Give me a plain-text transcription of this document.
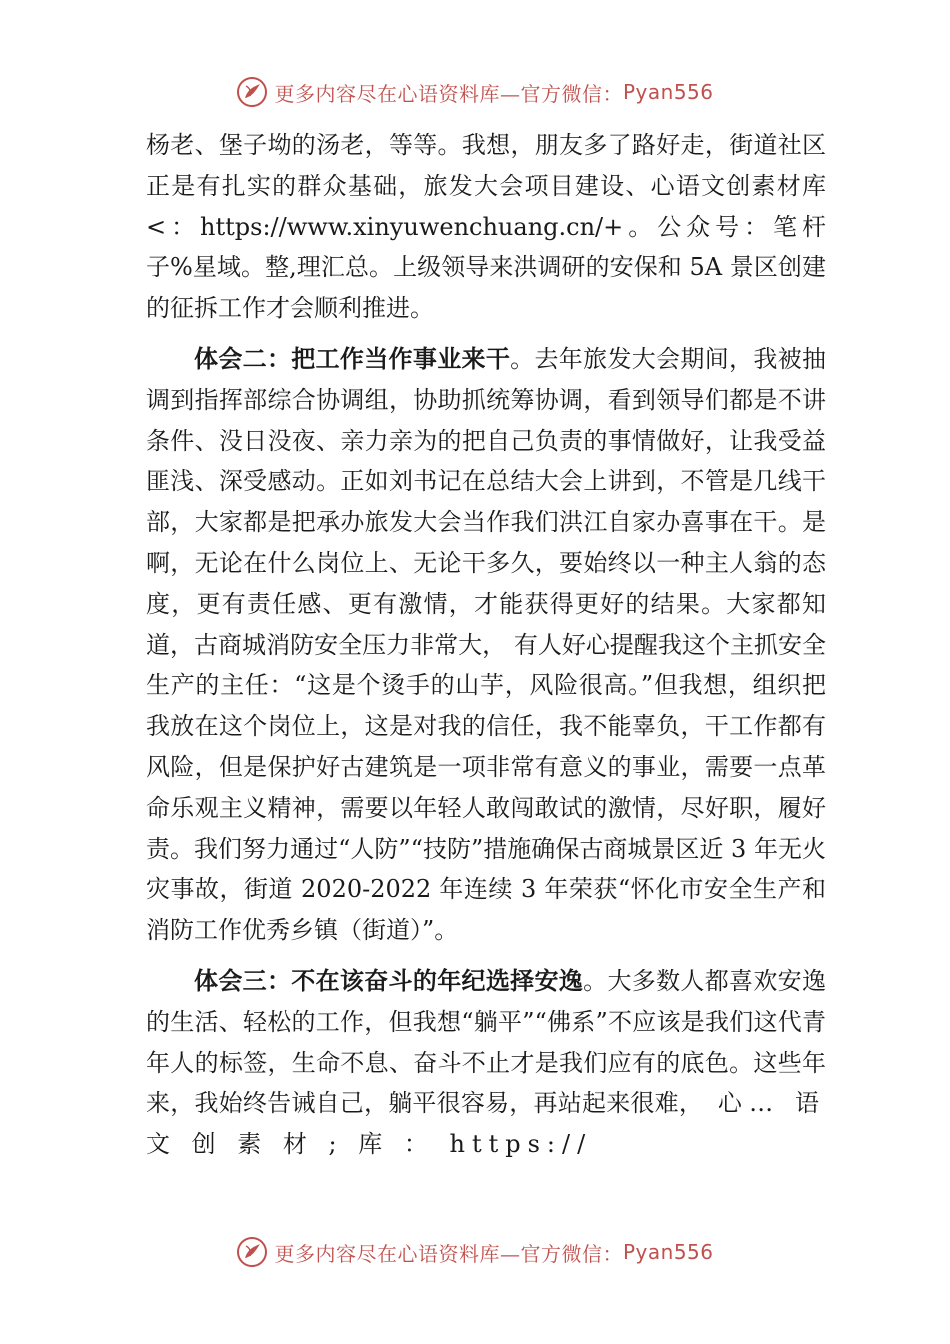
更多内容尽在心语资料库—官方微信： Pyan556

杨老、堡子坳的汤老，等等。我想，朋友多了路好走，街道社区正是有扎实的群众基础，旅发大会项目建设、心语文创素材库<：https://www.xinyuwenchuang.cn/+。公众号：笔杆子%星域。整,理汇总。上级领导来洪调研的安保和 5A 景区创建的征拆工作才会顺利推进。

体会二：把工作当作事业来干。去年旅发大会期间，我被抽调到指挥部综合协调组，协助抓统筹协调，看到领导们都是不讲条件、没日没夜、亲力亲为的把自己负责的事情做好，让我受益匪浅、深受感动。正如刘书记在总结大会上讲到，不管是几线干部，大家都是把承办旅发大会当作我们洪江自家办喜事在干。是啊，无论在什么岗位上、无论干多久，要始终以一种主人翁的态度，更有责任感、更有激情，才能获得更好的结果。大家都知道，古商城消防安全压力非常大， 有人好心提醒我这个主抓安全生产的主任：“这是个烫手的山芋，风险很高。”但我想，组织把我放在这个岗位上，这是对我的信任，我不能辜负，干工作都有风险，但是保护好古建筑是一项非常有意义的事业，需要一点革命乐观主义精神，需要以年轻人敢闯敢试的激情，尽好职，履好责。我们努力通过“人防”“技防”措施确保古商城景区近 3 年无火灾事故，街道 2020-2022 年连续 3 年荣获“怀化市安全生产和消防工作优秀乡镇（街道）”。

体会三：不在该奋斗的年纪选择安逸。大多数人都喜欢安逸的生活、轻松的工作，但我想“躺平”“佛系”不应该是我们这代青年人的标签，生命不息、奋斗不止才是我们应有的底色。这些年来，我始终告诫自己，躺平很容易，再站起来很难， 心… 语 文 创 素 材 ; 库 ： https://

更多内容尽在心语资料库—官方微信： Pyan556
